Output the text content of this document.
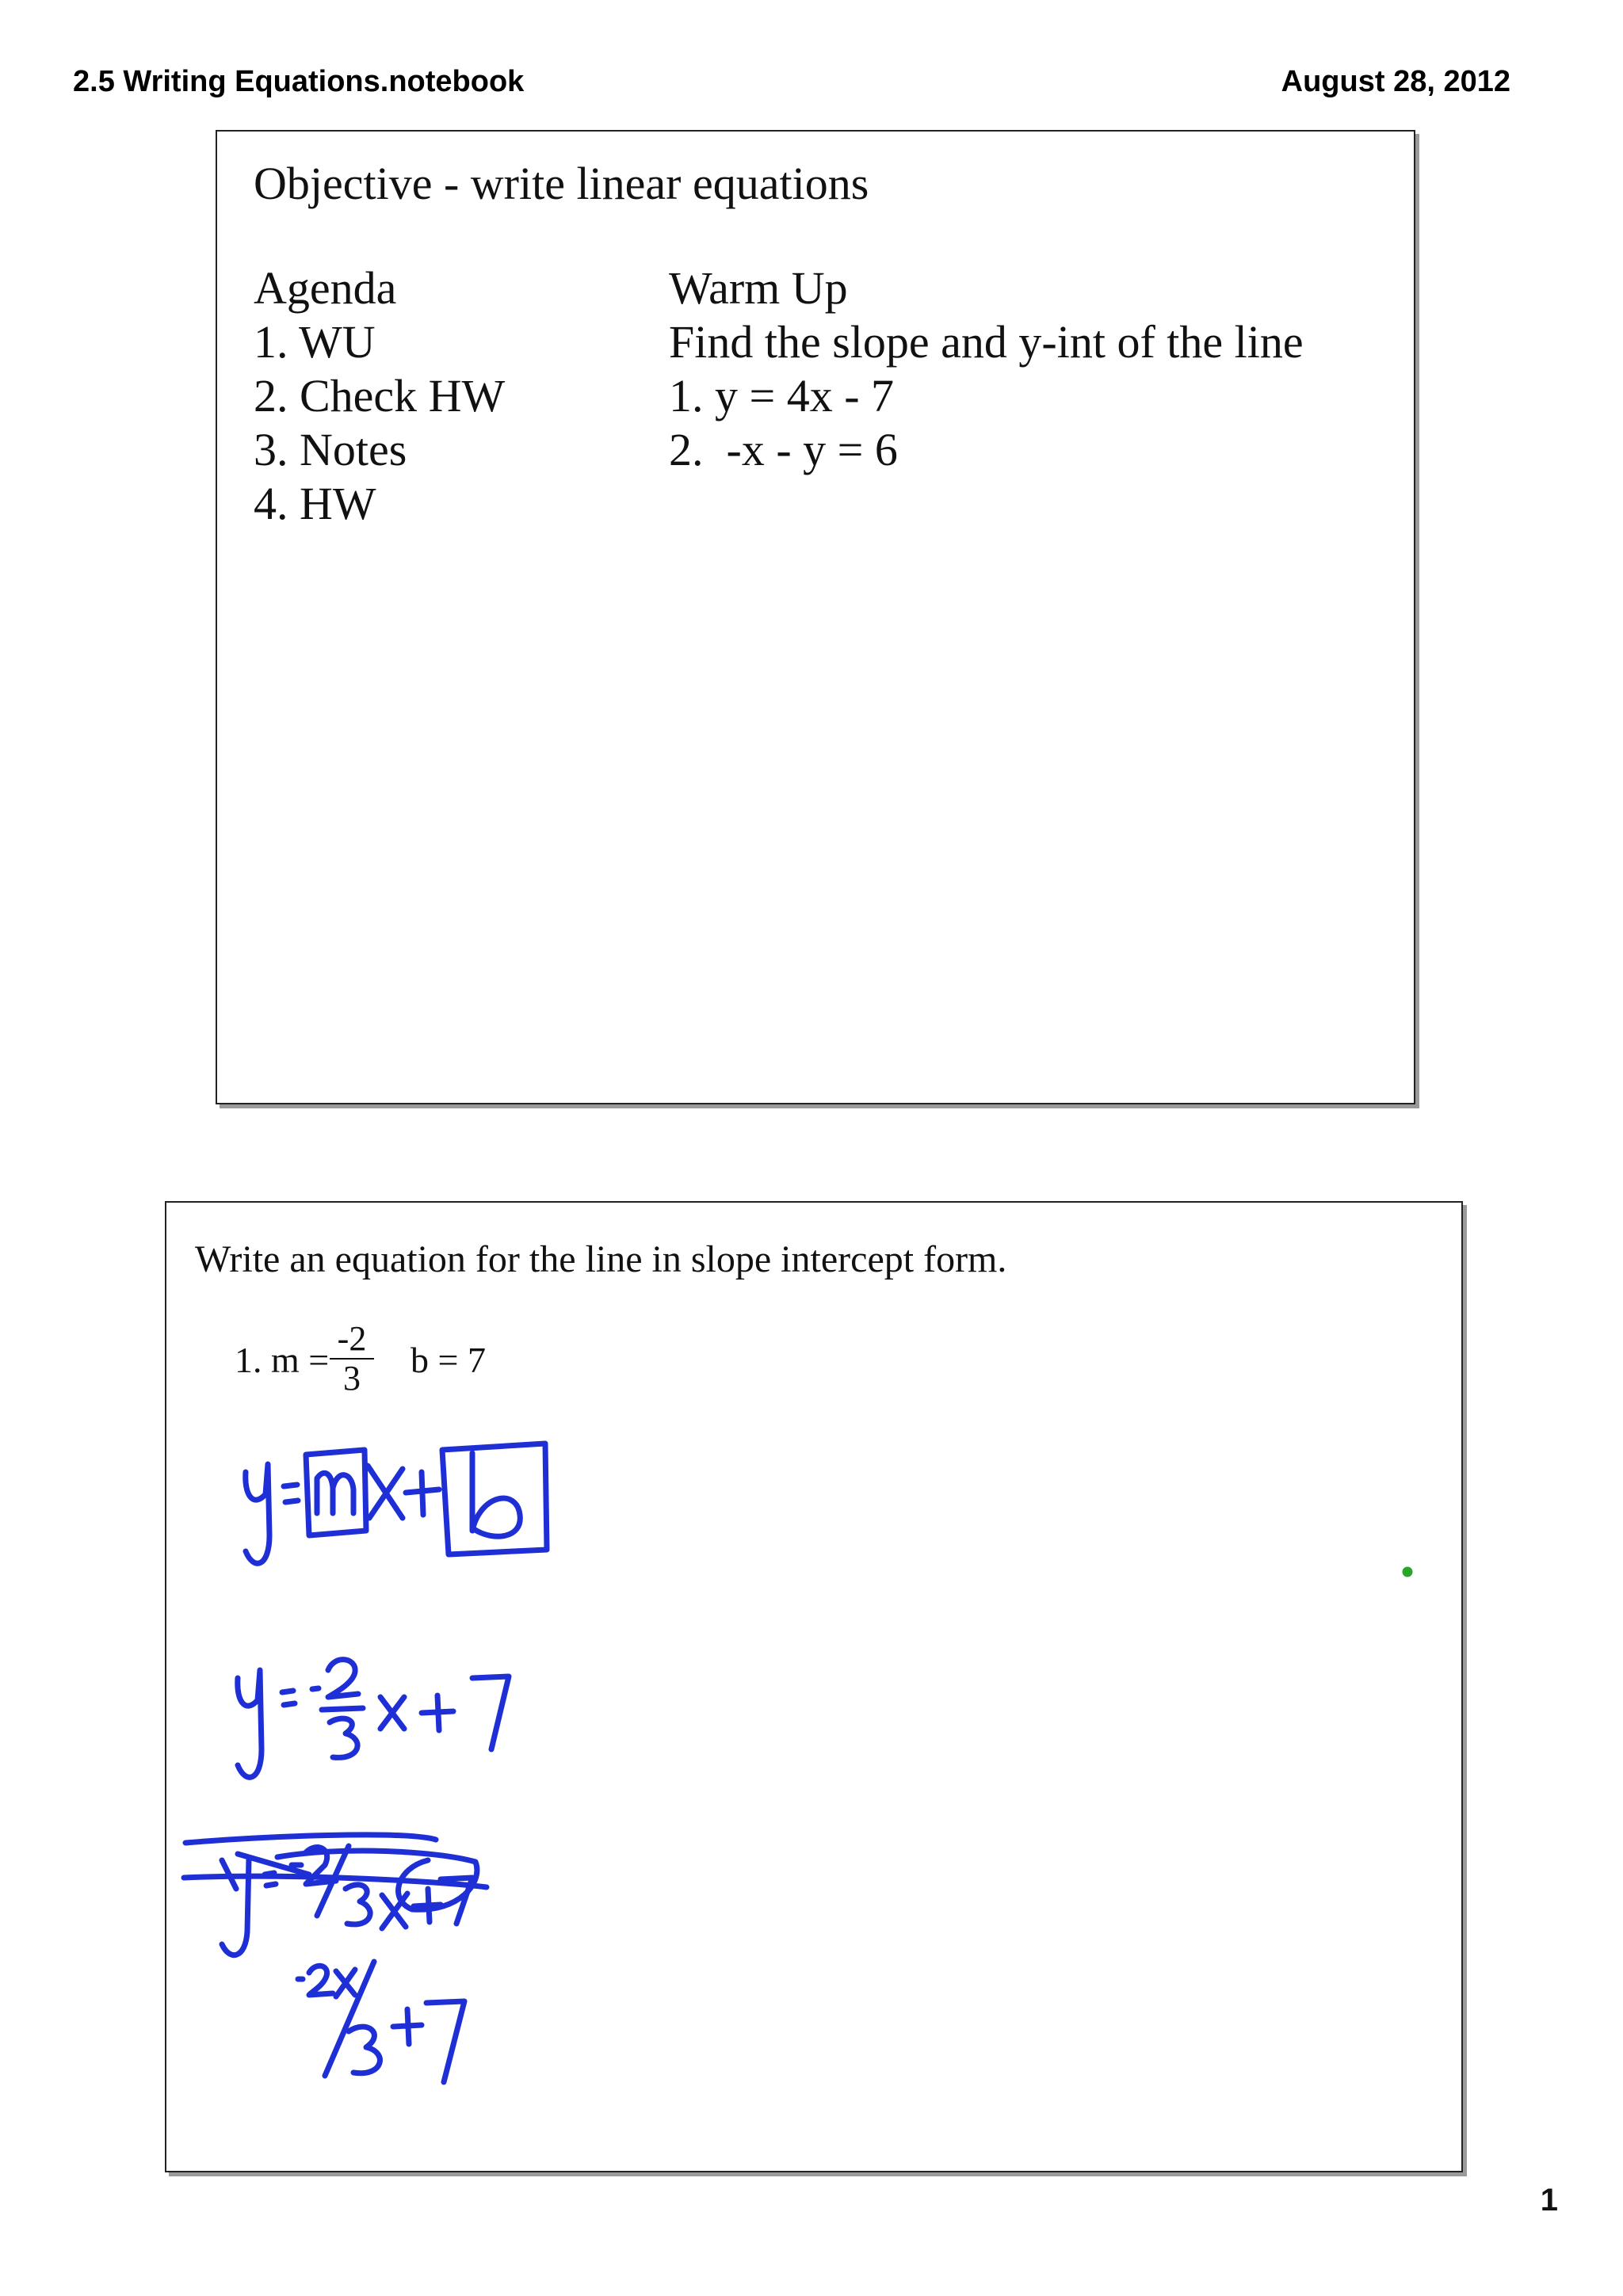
2.5 Writing Equations.notebook	August 28, 2012
Objective - write linear equations
Agenda
1. WU
2. Check HW
3. Notes
4. HW
Warm Up
Find the slope and y-int of the line
1. y = 4x - 7
2.  -x - y = 6
Write an equation for the line in slope intercept form.
1. m =
-2
3	b = 7
1
